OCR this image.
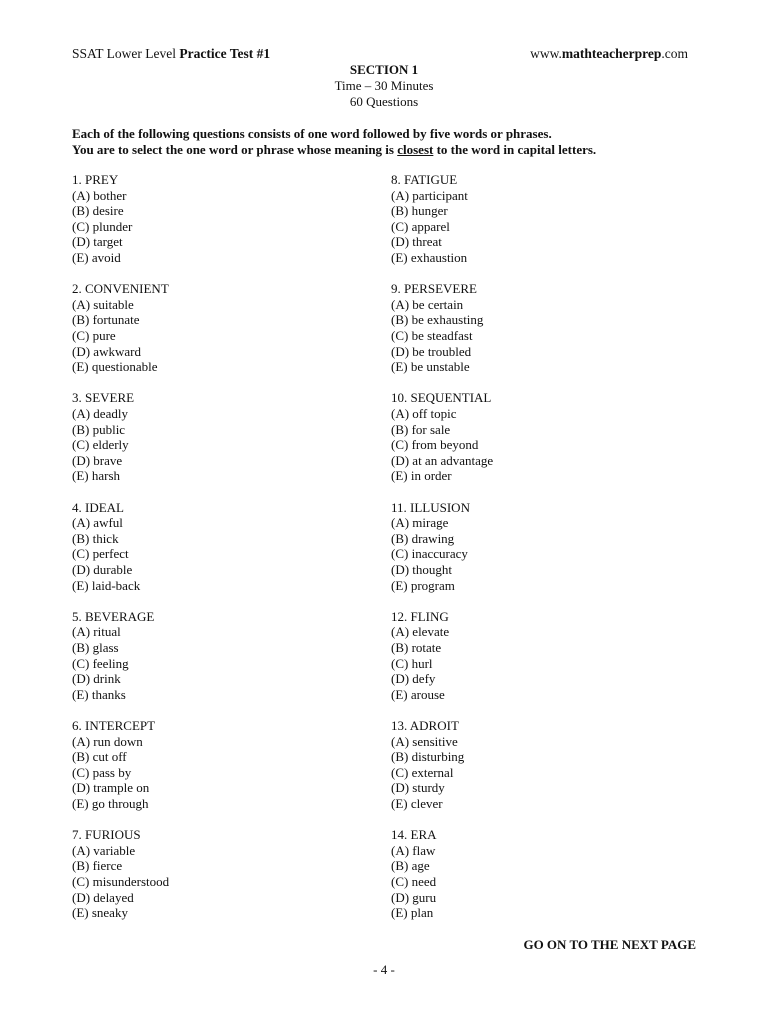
SSAT Lower Level Practice Test #1	www.mathteacherprep.com
SECTION 1
Time – 30 Minutes
60 Questions
Each of the following questions consists of one word followed by five words or phrases.
You are to select the one word or phrase whose meaning is closest to the word in capital letters.
1. PREY
(A) bother
(B) desire
(C) plunder
(D) target
(E) avoid
2. CONVENIENT
(A) suitable
(B) fortunate
(C) pure
(D) awkward
(E) questionable
3. SEVERE
(A) deadly
(B) public
(C) elderly
(D) brave
(E) harsh
4. IDEAL
(A) awful
(B) thick
(C) perfect
(D) durable
(E) laid-back
5. BEVERAGE
(A) ritual
(B) glass
(C) feeling
(D) drink
(E) thanks
6. INTERCEPT
(A) run down
(B) cut off
(C) pass by
(D) trample on
(E) go through
7. FURIOUS
(A) variable
(B) fierce
(C) misunderstood
(D) delayed
(E) sneaky
8. FATIGUE
(A) participant
(B) hunger
(C) apparel
(D) threat
(E) exhaustion
9. PERSEVERE
(A) be certain
(B) be exhausting
(C) be steadfast
(D) be troubled
(E) be unstable
10. SEQUENTIAL
(A) off topic
(B) for sale
(C) from beyond
(D) at an advantage
(E) in order
11. ILLUSION
(A) mirage
(B) drawing
(C) inaccuracy
(D) thought
(E) program
12. FLING
(A) elevate
(B) rotate
(C) hurl
(D) defy
(E) arouse
13. ADROIT
(A) sensitive
(B) disturbing
(C) external
(D) sturdy
(E) clever
14. ERA
(A) flaw
(B) age
(C) need
(D) guru
(E) plan
GO ON TO THE NEXT PAGE
- 4 -
